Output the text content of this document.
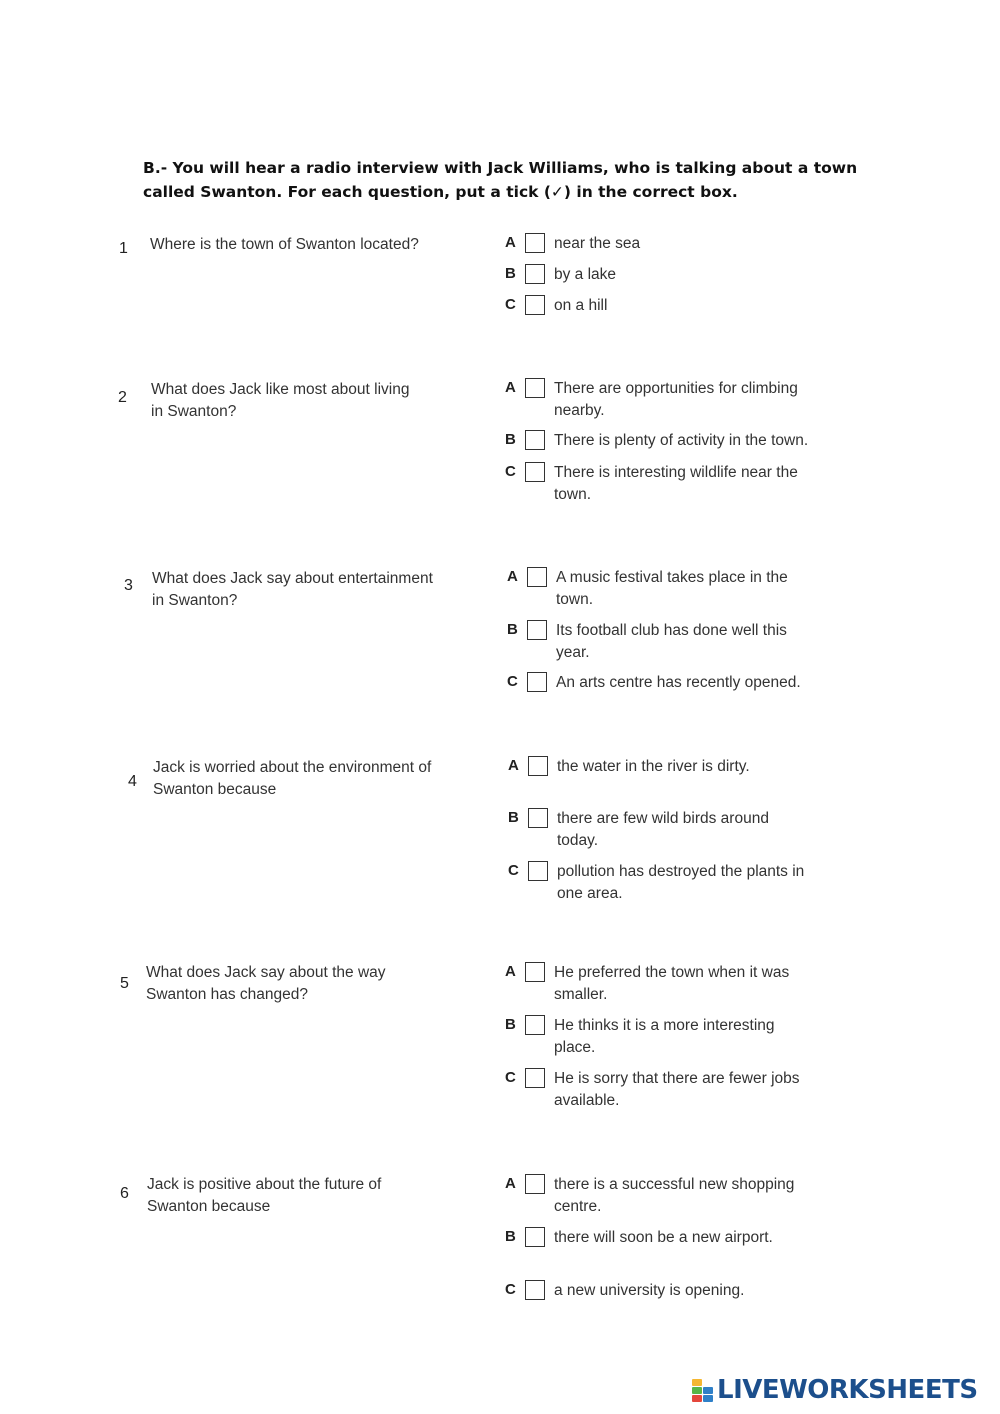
B.- You will hear a radio interview with Jack Williams, who is talking about a town
called Swanton. For each question, put a tick (✓) in the correct box.
1 Where is the town of Swanton located?	A	near the sea
B	by a lake
C	on a hill
2 What does Jack like most about living
in Swanton?
A	There are opportunities for climbing
nearby.
B	There is plenty of activity in the town.
C	There is interesting wildlife near the
town.
3 What does Jack say about entertainment
in Swanton?
A	A music festival takes place in the
town.
B	Its football club has done well this
year.
C	An arts centre has recently opened.
4
Jack is worried about the environment of
Swanton because
A	the water in the river is dirty.
B	there are few wild birds around
today.
C	pollution has destroyed the plants in
one area.
5
What does Jack say about the way
Swanton has changed?
A	He preferred the town when it was
smaller.
B	He thinks it is a more interesting
place.
C	He is sorry that there are fewer jobs
available.
6
Jack is positive about the future of
Swanton because
A	there is a successful new shopping
centre.
B	there will soon be a new airport.
C	a new university is opening.
LIVEWORKSHEETS
